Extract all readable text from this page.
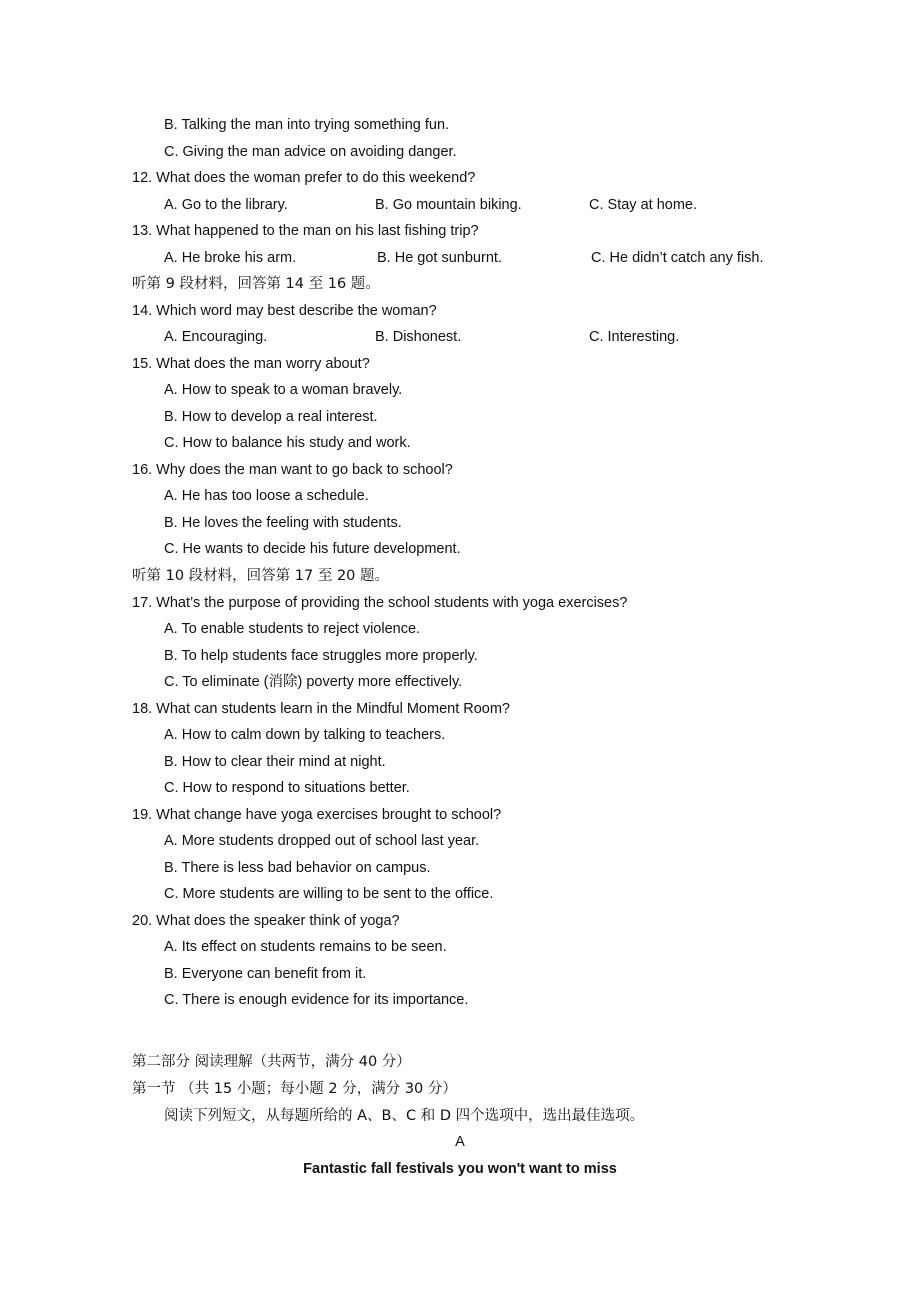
B. Talking the man into trying something fun.
C. Giving the man advice on avoiding danger.
12. What does the woman prefer to do this weekend?
A. Go to the library.	B. Go mountain biking.	C. Stay at home.
13. What happened to the man on his last fishing trip?
A. He broke his arm.	B. He got sunburnt.	C. He didn’t catch any fish.
听第 9 段材料，回答第 14 至 16 题。
14. Which word may best describe the woman?
A. Encouraging.	B. Dishonest.	C. Interesting.
15. What does the man worry about?
A. How to speak to a woman bravely.
B. How to develop a real interest.
C. How to balance his study and work.
16. Why does the man want to go back to school?
A. He has too loose a schedule.
B. He loves the feeling with students.
C. He wants to decide his future development.
听第 10 段材料，回答第 17 至 20 题。
17. What’s the purpose of providing the school students with yoga exercises?
A. To enable students to reject violence.
B. To help students face struggles more properly.
C. To eliminate (消除) poverty more effectively.
18. What can students learn in the Mindful Moment Room?
A. How to calm down by talking to teachers.
B. How to clear their mind at night.
C. How to respond to situations better.
19. What change have yoga exercises brought to school?
A. More students dropped out of school last year.
B. There is less bad behavior on campus.
C. More students are willing to be sent to the office.
20. What does the speaker think of yoga?
A. Its effect on students remains to be seen.
B. Everyone can benefit from it.
C. There is enough evidence for its importance.
第二部分 阅读理解（共两节，满分 40 分）
第一节 （共 15 小题；每小题 2 分，满分 30 分）
阅读下列短文，从每题所给的 A、B、C 和 D 四个选项中，选出最佳选项。
A
Fantastic fall festivals you won't want to miss
